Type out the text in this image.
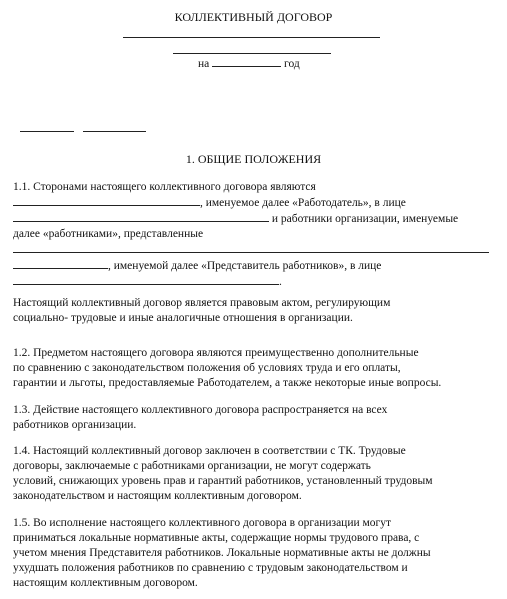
КОЛЛЕКТИВНЫЙ ДОГОВОР
на	год
1. ОБЩИЕ ПОЛОЖЕНИЯ
1.1. Сторонами настоящего коллективного договора являются
, именуемое далее «Работодатель», в лице
и работники организации, именуемые
далее «работниками», представленные
, именуемой далее «Представитель работников», в лице
.
Настоящий коллективный договор является правовым актом, регулирующим
социально- трудовые и иные аналогичные отношения в организации.
1.2. Предметом настоящего договора являются преимущественно дополнительные
по сравнению с законодательством положения об условиях труда и его оплаты,
гарантии и льготы, предоставляемые Работодателем, а также некоторые иные вопросы.
1.3. Действие настоящего коллективного договора распространяется на всех
работников организации.
1.4. Настоящий коллективный договор заключен в соответствии с ТК. Трудовые
договоры, заключаемые с работниками организации, не могут содержать
условий, снижающих уровень прав и гарантий работников, установленный трудовым
законодательством и настоящим коллективным договором.
1.5. Во исполнение настоящего коллективного договора в организации могут
приниматься локальные нормативные акты, содержащие нормы трудового права, с
учетом мнения Представителя работников. Локальные нормативные акты не должны
ухудшать положения работников по сравнению с трудовым законодательством и
настоящим коллективным договором.
